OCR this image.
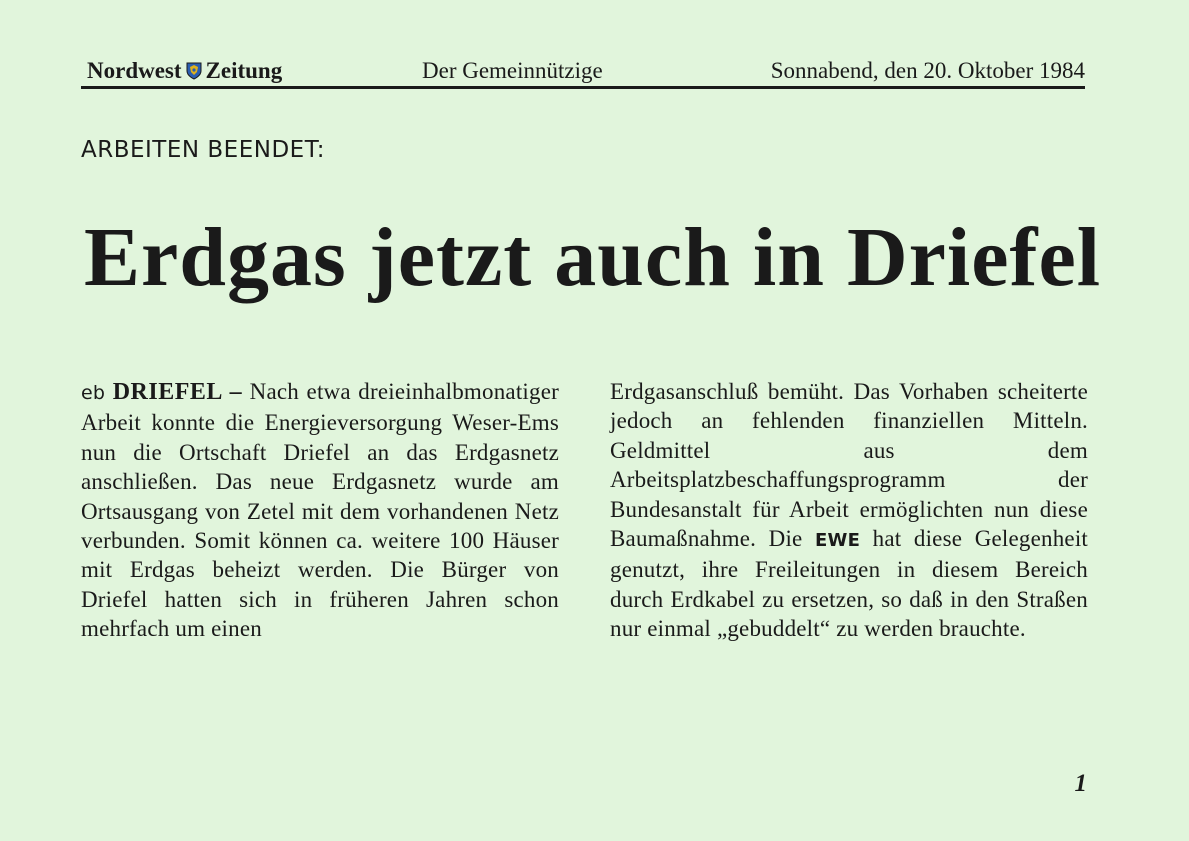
Nordwest Zeitung	Der Gemeinnützige	Sonnabend, den 20. Oktober 1984
ARBEITEN BEENDET:
Erdgas jetzt auch in Driefel

eb DRIEFEL – Nach etwa dreieinhalbmonatiger Arbeit konnte die Energieversorgung Weser-Ems nun die Ortschaft Driefel an das Erdgasnetz anschließen. Das neue Erdgasnetz wurde am Ortsausgang von Zetel mit dem vorhandenen Netz verbunden. Somit können ca. weitere 100 Häuser mit Erdgas beheizt werden. Die Bürger von Driefel hatten sich in früheren Jahren schon mehrfach um einen

Erdgasanschluß bemüht. Das Vorhaben scheiterte jedoch an fehlenden finanziellen Mitteln. Geldmittel aus dem Arbeitsplatzbeschaffungsprogramm der Bundesanstalt für Arbeit ermöglichten nun diese Baumaßnahme. Die EWE hat diese Gelegenheit genutzt, ihre Freileitungen in diesem Bereich durch Erdkabel zu ersetzen, so daß in den Straßen nur einmal „gebuddelt“ zu werden brauchte.

1
